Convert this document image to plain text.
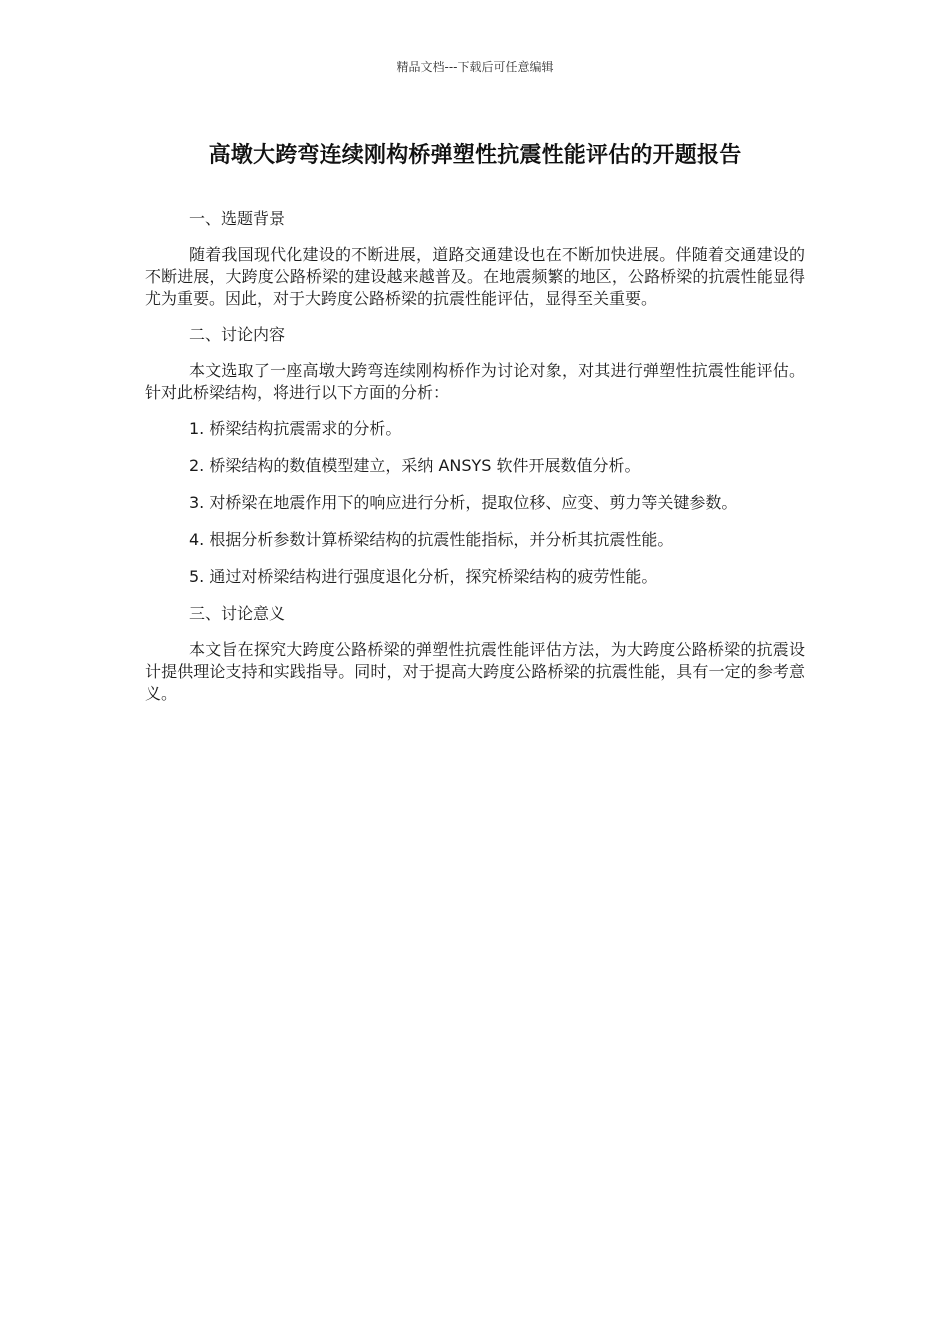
精品文档---下载后可任意编辑
高墩大跨弯连续刚构桥弹塑性抗震性能评估的开题报告
一、选题背景

随着我国现代化建设的不断进展，道路交通建设也在不断加快进展。伴随着交通建设的不断进展，大跨度公路桥梁的建设越来越普及。在地震频繁的地区，公路桥梁的抗震性能显得尤为重要。因此，对于大跨度公路桥梁的抗震性能评估，显得至关重要。

二、讨论内容

本文选取了一座高墩大跨弯连续刚构桥作为讨论对象，对其进行弹塑性抗震性能评估。针对此桥梁结构，将进行以下方面的分析：

1. 桥梁结构抗震需求的分析。
2. 桥梁结构的数值模型建立，采纳 ANSYS 软件开展数值分析。
3. 对桥梁在地震作用下的响应进行分析，提取位移、应变、剪力等关键参数。
4. 根据分析参数计算桥梁结构的抗震性能指标，并分析其抗震性能。
5. 通过对桥梁结构进行强度退化分析，探究桥梁结构的疲劳性能。
三、讨论意义

本文旨在探究大跨度公路桥梁的弹塑性抗震性能评估方法，为大跨度公路桥梁的抗震设计提供理论支持和实践指导。同时，对于提高大跨度公路桥梁的抗震性能，具有一定的参考意义。
